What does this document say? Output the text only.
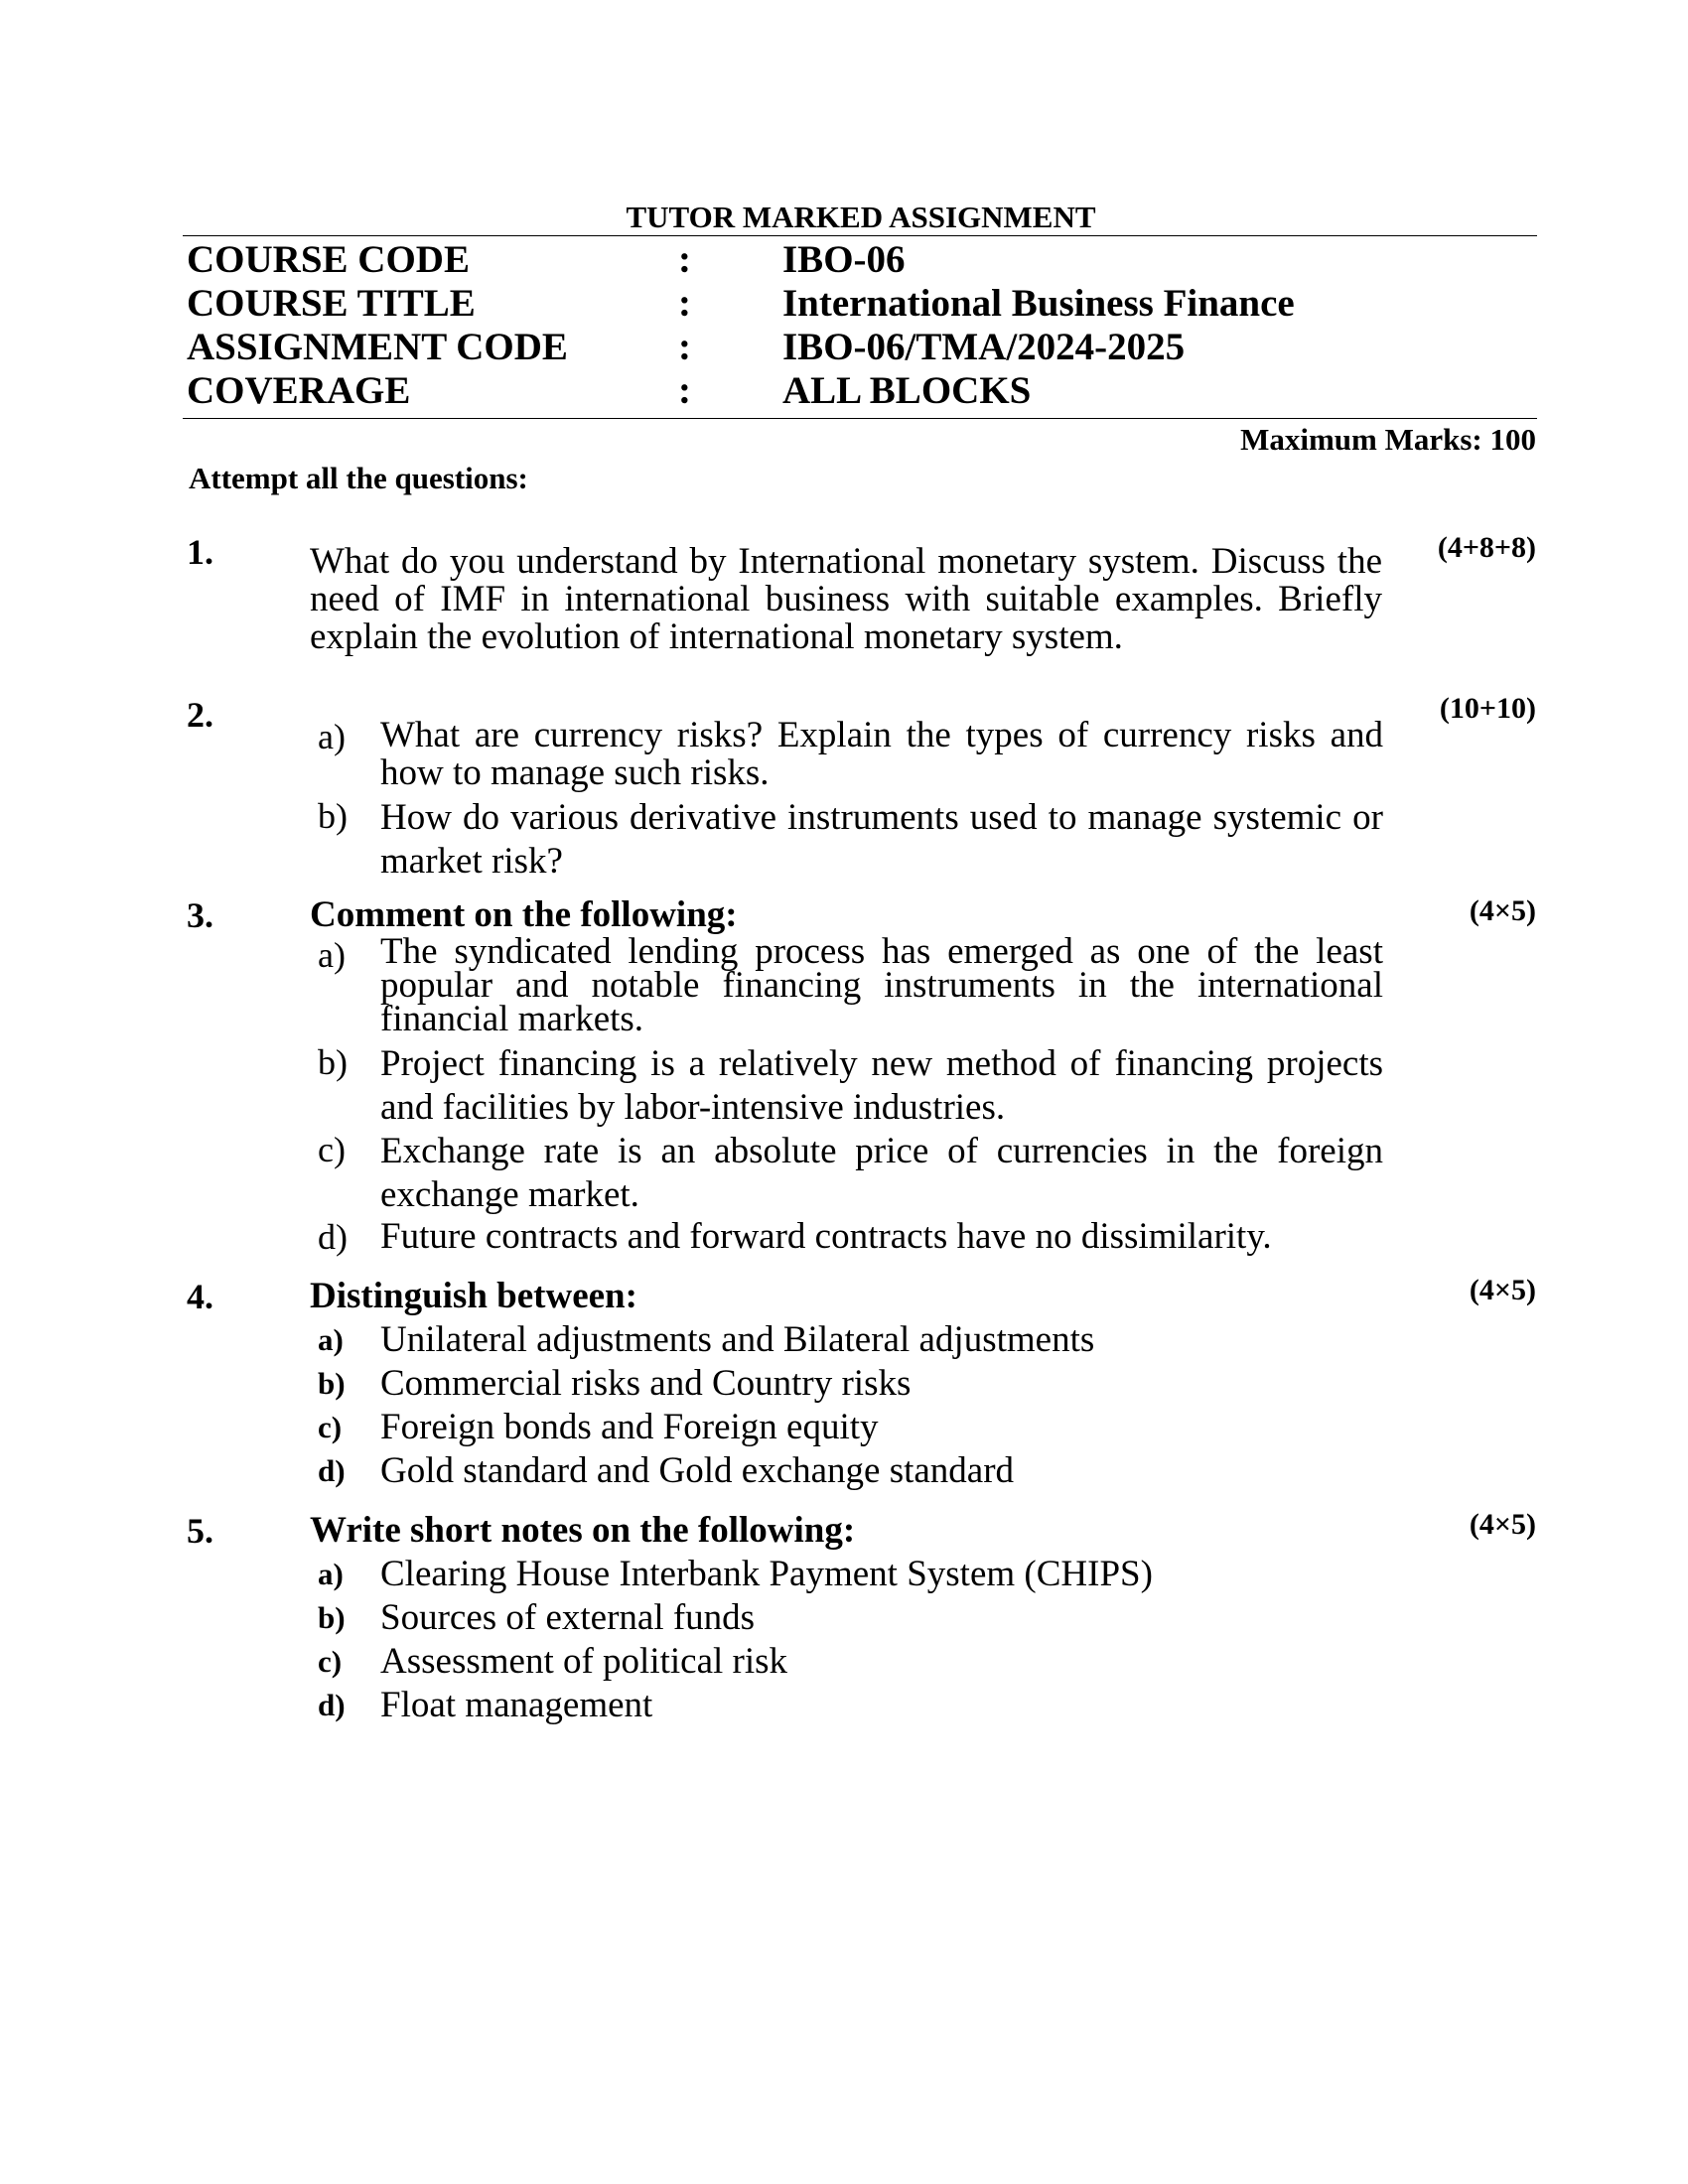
TUTOR MARKED ASSIGNMENT
COURSE CODE	: IBO-06
COURSE TITLE	: International Business Finance
ASSIGNMENT CODE	: IBO-06/TMA/2024-2025
COVERAGE	: ALL BLOCKS
Maximum Marks: 100
Attempt all the questions:
1.	(4+8+8)
What do you understand by International monetary system. Discuss the need of IMF in international business with suitable examples. Briefly explain the evolution of international monetary system.
2.	(10+10)
a) What are currency risks? Explain the types of currency risks and how to manage such risks.
b) How do various derivative instruments used to manage systemic or market risk?
3.	(4×5)
Comment on the following:
a) The syndicated lending process has emerged as one of the least popular and notable financing instruments in the international financial markets.
b) Project financing is a relatively new method of financing projects and facilities by labor-intensive industries.
c) Exchange rate is an absolute price of currencies in the foreign exchange market.
d) Future contracts and forward contracts have no dissimilarity.
4.	(4×5)
Distinguish between:
a) Unilateral adjustments and Bilateral adjustments
b) Commercial risks and Country risks
c) Foreign bonds and Foreign equity
d) Gold standard and Gold exchange standard
5.	(4×5)
Write short notes on the following:
a) Clearing House Interbank Payment System (CHIPS)
b) Sources of external funds
c) Assessment of political risk
d) Float management
